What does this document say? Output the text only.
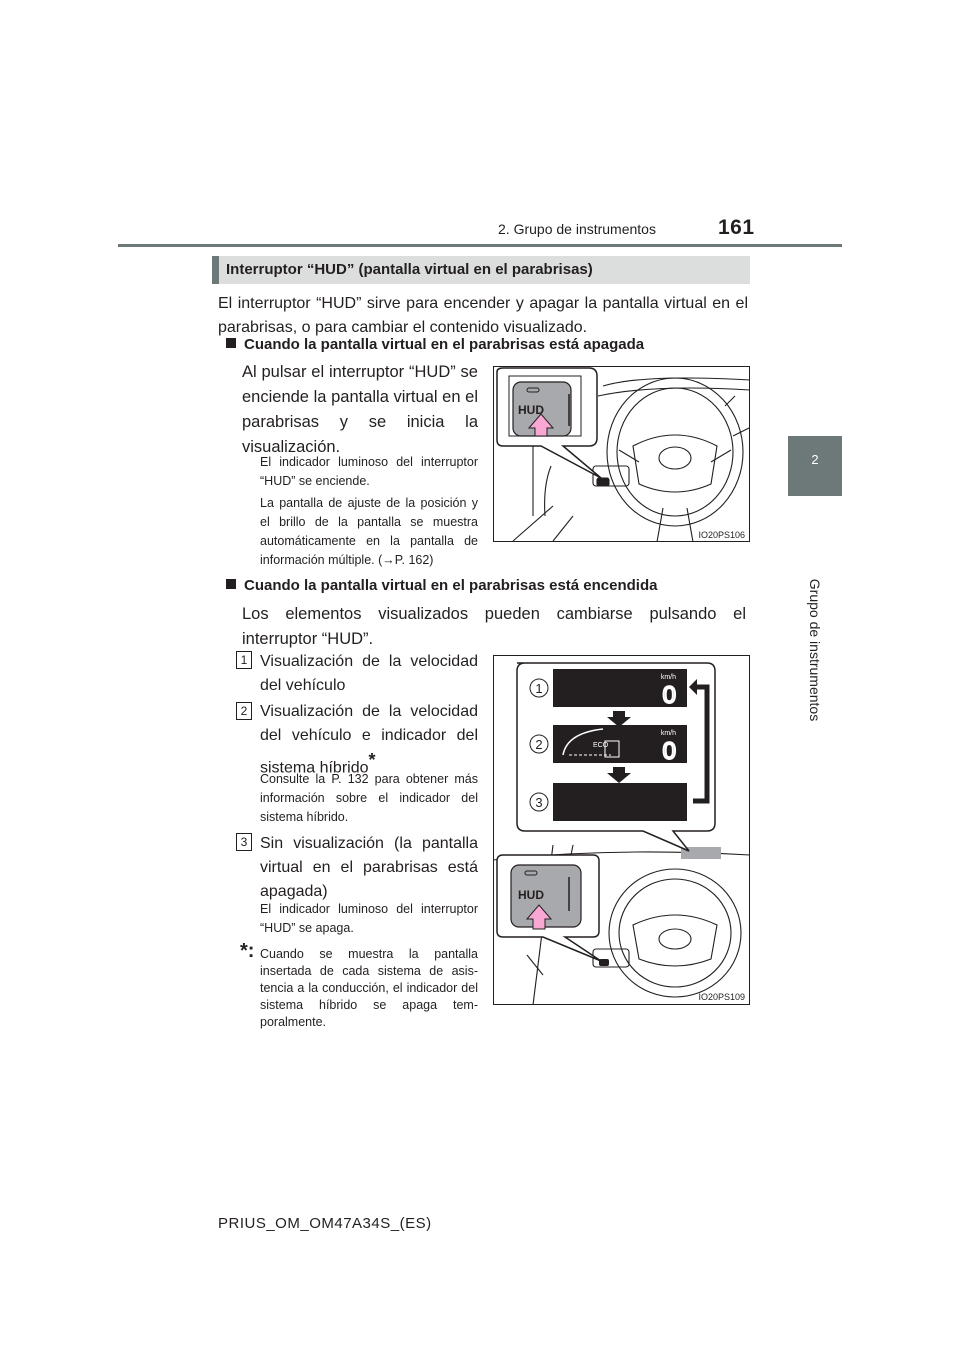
2. Grupo de instrumentos	161
2
Grupo de instrumentos
Interruptor “HUD” (pantalla virtual en el parabrisas)
El interruptor “HUD” sirve para encender y apagar la pantalla virtual en el parabrisas, o para cambiar el contenido visualizado.
Cuando la pantalla virtual en el parabrisas está apagada
Al pulsar el interruptor “HUD” se enciende la pantalla virtual en el parabrisas y se inicia la visualización.
El indicador luminoso del interruptor “HUD” se enciende.
La pantalla de ajuste de la posición y el brillo de la pantalla se muestra automáticamente en la pantalla de información múltiple. (→P. 162)
HUD
IO20PS106
Cuando la pantalla virtual en el parabrisas está encendida
Los elementos visualizados pueden cambiarse pulsando el interruptor “HUD”.
1 Visualización de la velocidad del vehículo
2 Visualización de la velocidad del vehículo e indicador del sistema híbrido*
Consulte la P. 132 para obtener más información sobre el indicador del sistema híbrido.
3 Sin visualización (la pantalla virtual en el parabrisas está apagada)
El indicador luminoso del interruptor “HUD” se apaga.
*: Cuando se muestra la pantalla insertada de cada sistema de asistencia a la conducción, el indicador del sistema híbrido se apaga temporalmente.
km/h
0
ECO
km/h
0
1
2
3
HUD
IO20PS109
PRIUS_OM_OM47A34S_(ES)
